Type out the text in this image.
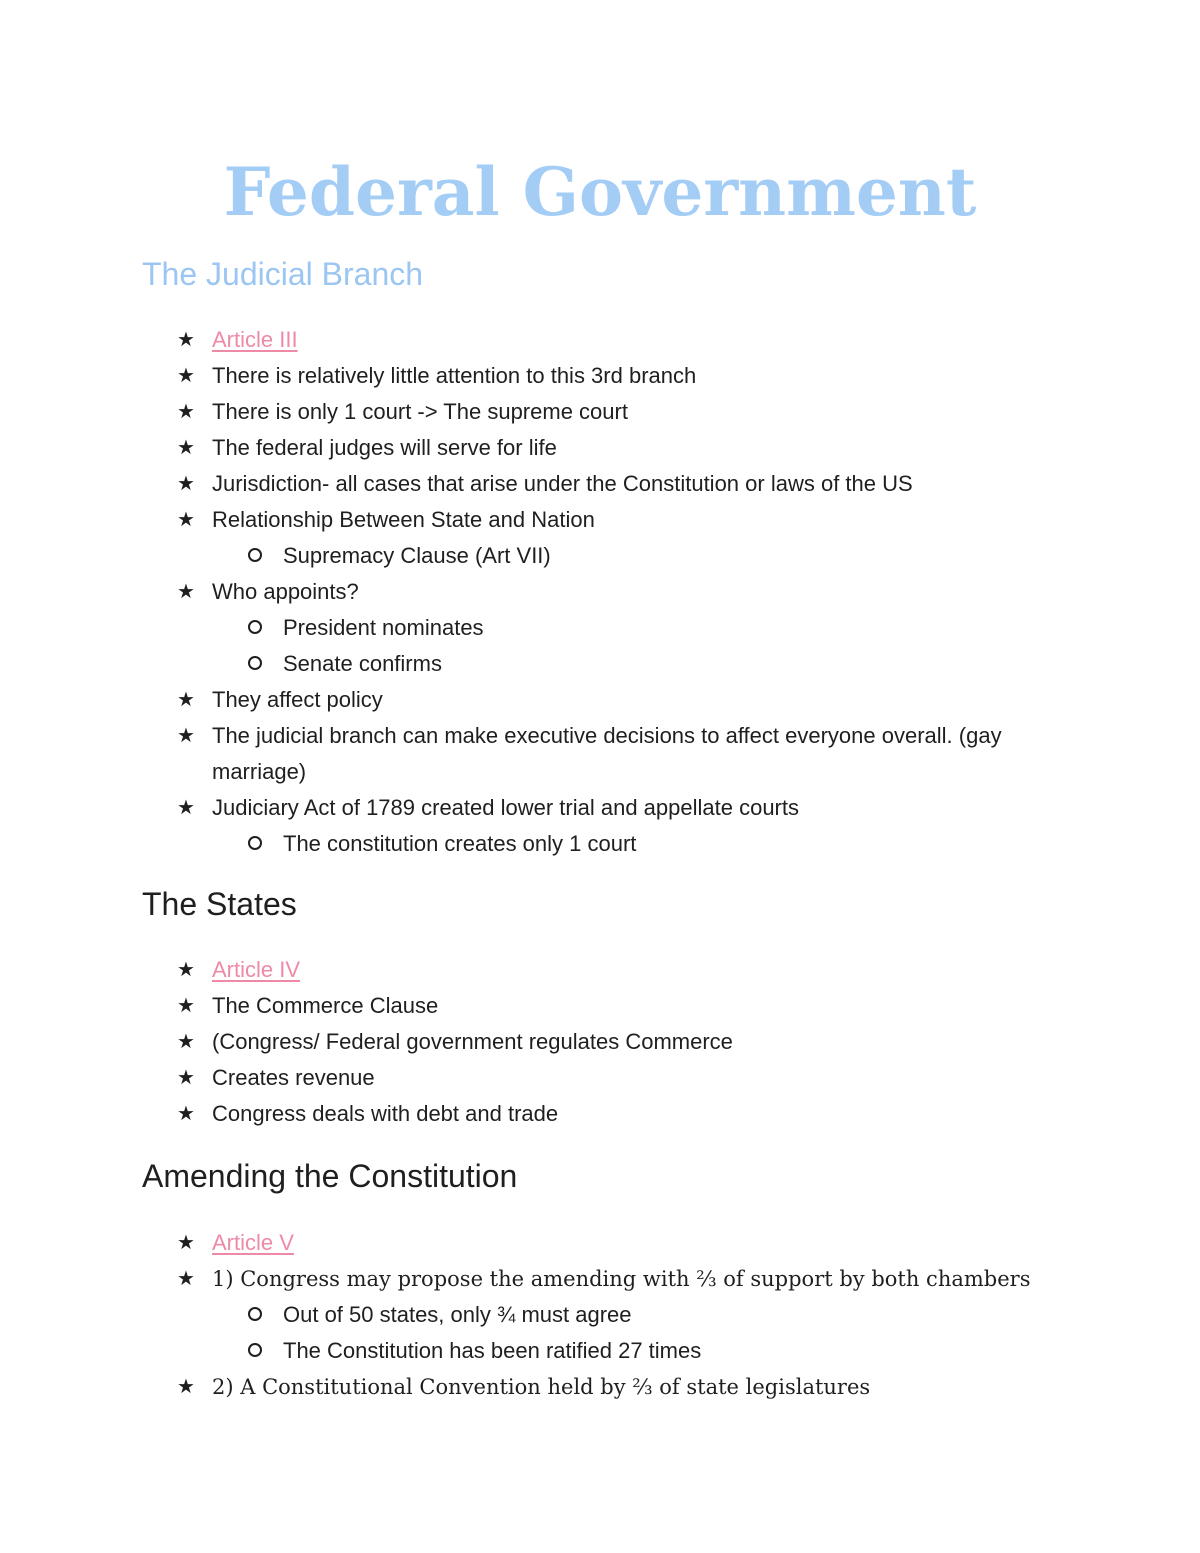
Federal Government
The Judicial Branch
★ Article III
★ There is relatively little attention to this 3rd branch
★ There is only 1 court -> The supreme court
★ The federal judges will serve for life
★ Jurisdiction- all cases that arise under the Constitution or laws of the US
★ Relationship Between State and Nation
Supremacy Clause (Art VII)
★ Who appoints?
President nominates
Senate confirms
★ They affect policy
★ The judicial branch can make executive decisions to affect everyone overall. (gay marriage)
★ Judiciary Act of 1789 created lower trial and appellate courts
The constitution creates only 1 court
The States
★ Article IV
★ The Commerce Clause
★ (Congress/ Federal government regulates Commerce
★ Creates revenue
★ Congress deals with debt and trade
Amending the Constitution
★ Article V
★ 1) Congress may propose the amending with ⅔ of support by both chambers
Out of 50 states, only ¾ must agree
The Constitution has been ratified 27 times
★ 2) A Constitutional Convention held by ⅔ of state legislatures
